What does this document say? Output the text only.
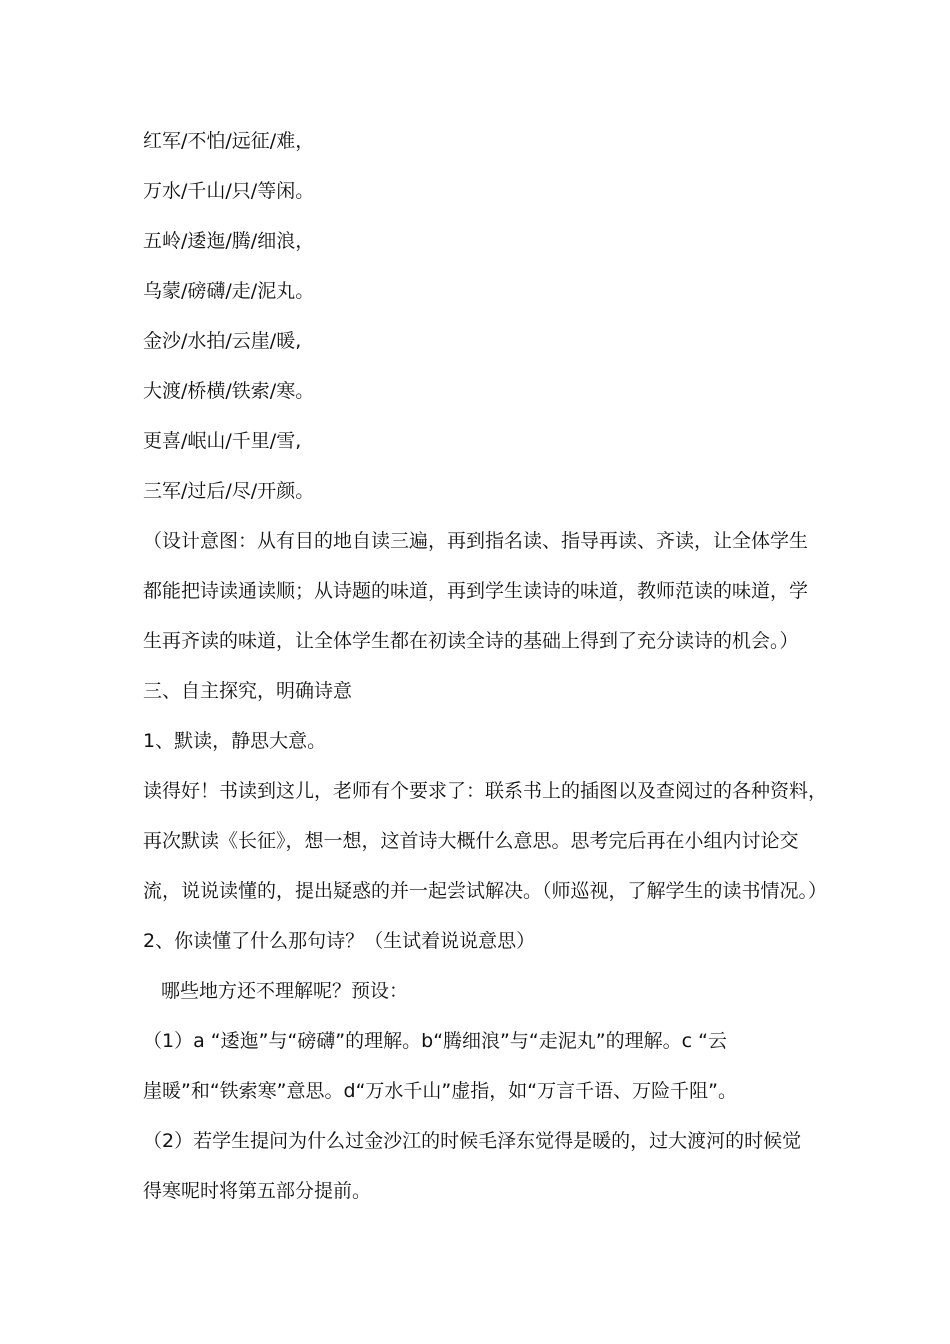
红军/不怕/远征/难，
万水/千山/只/等闲。
五岭/逶迤/腾/细浪，
乌蒙/磅礴/走/泥丸。
金沙/水拍/云崖/暖,
大渡/桥横/铁索/寒。
更喜/岷山/千里/雪,
三军/过后/尽/开颜。
（设计意图：从有目的地自读三遍，再到指名读、指导再读、齐读，让全体学生
都能把诗读通读顺；从诗题的味道，再到学生读诗的味道，教师范读的味道，学
生再齐读的味道，让全体学生都在初读全诗的基础上得到了充分读诗的机会。）
三、自主探究，明确诗意
1、默读，静思大意。
读得好！书读到这儿，老师有个要求了：联系书上的插图以及查阅过的各种资料，
再次默读《长征》，想一想，这首诗大概什么意思。思考完后再在小组内讨论交
流，说说读懂的，提出疑惑的并一起尝试解决。（师巡视，了解学生的读书情况。）
2、你读懂了什么那句诗？（生试着说说意思）
哪些地方还不理解呢？预设：
（1）a “逶迤”与“磅礴”的理解。b“腾细浪”与“走泥丸”的理解。c “云
崖暖”和“铁索寒”意思。d“万水千山”虚指，如“万言千语、万险千阻”。
（2）若学生提问为什么过金沙江的时候毛泽东觉得是暖的，过大渡河的时候觉
得寒呢时将第五部分提前。
